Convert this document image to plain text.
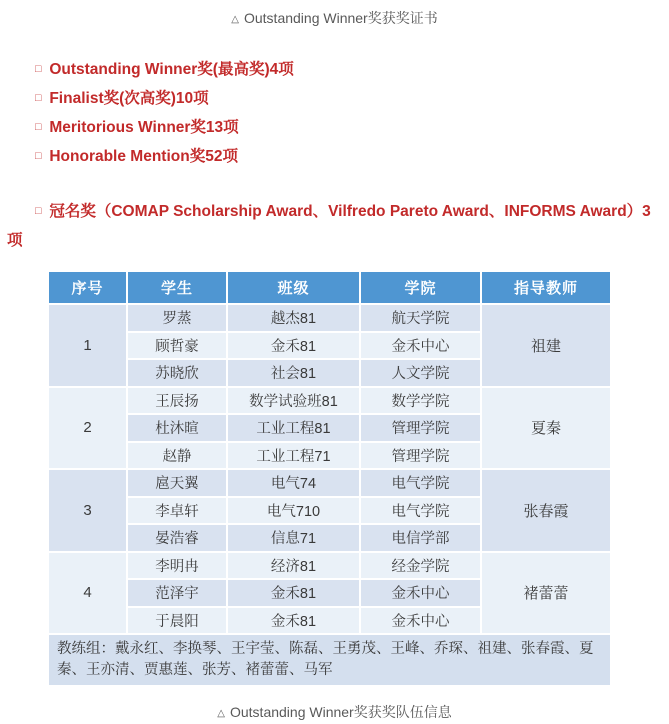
△ Outstanding Winner奖获奖证书

□ Outstanding Winner奖(最高奖)4项

□ Finalist奖(次高奖)10项

□ Meritorious Winner奖13项

□ Honorable Mention奖52项

□ 冠名奖（COMAP Scholarship Award、Vilfredo Pareto Award、INFORMS Award）3项

序号	学生	班级	学院	指导教师
1	罗蒸	越杰81	航天学院	祖建
	顾哲豪	金禾81	金禾中心	
	苏晓欣	社会81	人文学院	
2	王辰扬	数学试验班81	数学学院	夏秦
	杜沐暄	工业工程81	管理学院	
	赵静	工业工程71	管理学院	
3	扈天翼	电气74	电气学院	张春霞
	李卓轩	电气710	电气学院	
	晏浩睿	信息71	电信学部	
4	李明冉	经济81	经金学院	褚蕾蕾
	范泽宇	金禾81	金禾中心	
	于晨阳	金禾81	金禾中心	
教练组：戴永红、李换琴、王宇莹、陈磊、王勇茂、王峰、乔琛、祖建、张春霞、夏秦、王亦清、贾惠莲、张芳、褚蕾蕾、马军				
△ Outstanding Winner奖获奖队伍信息
